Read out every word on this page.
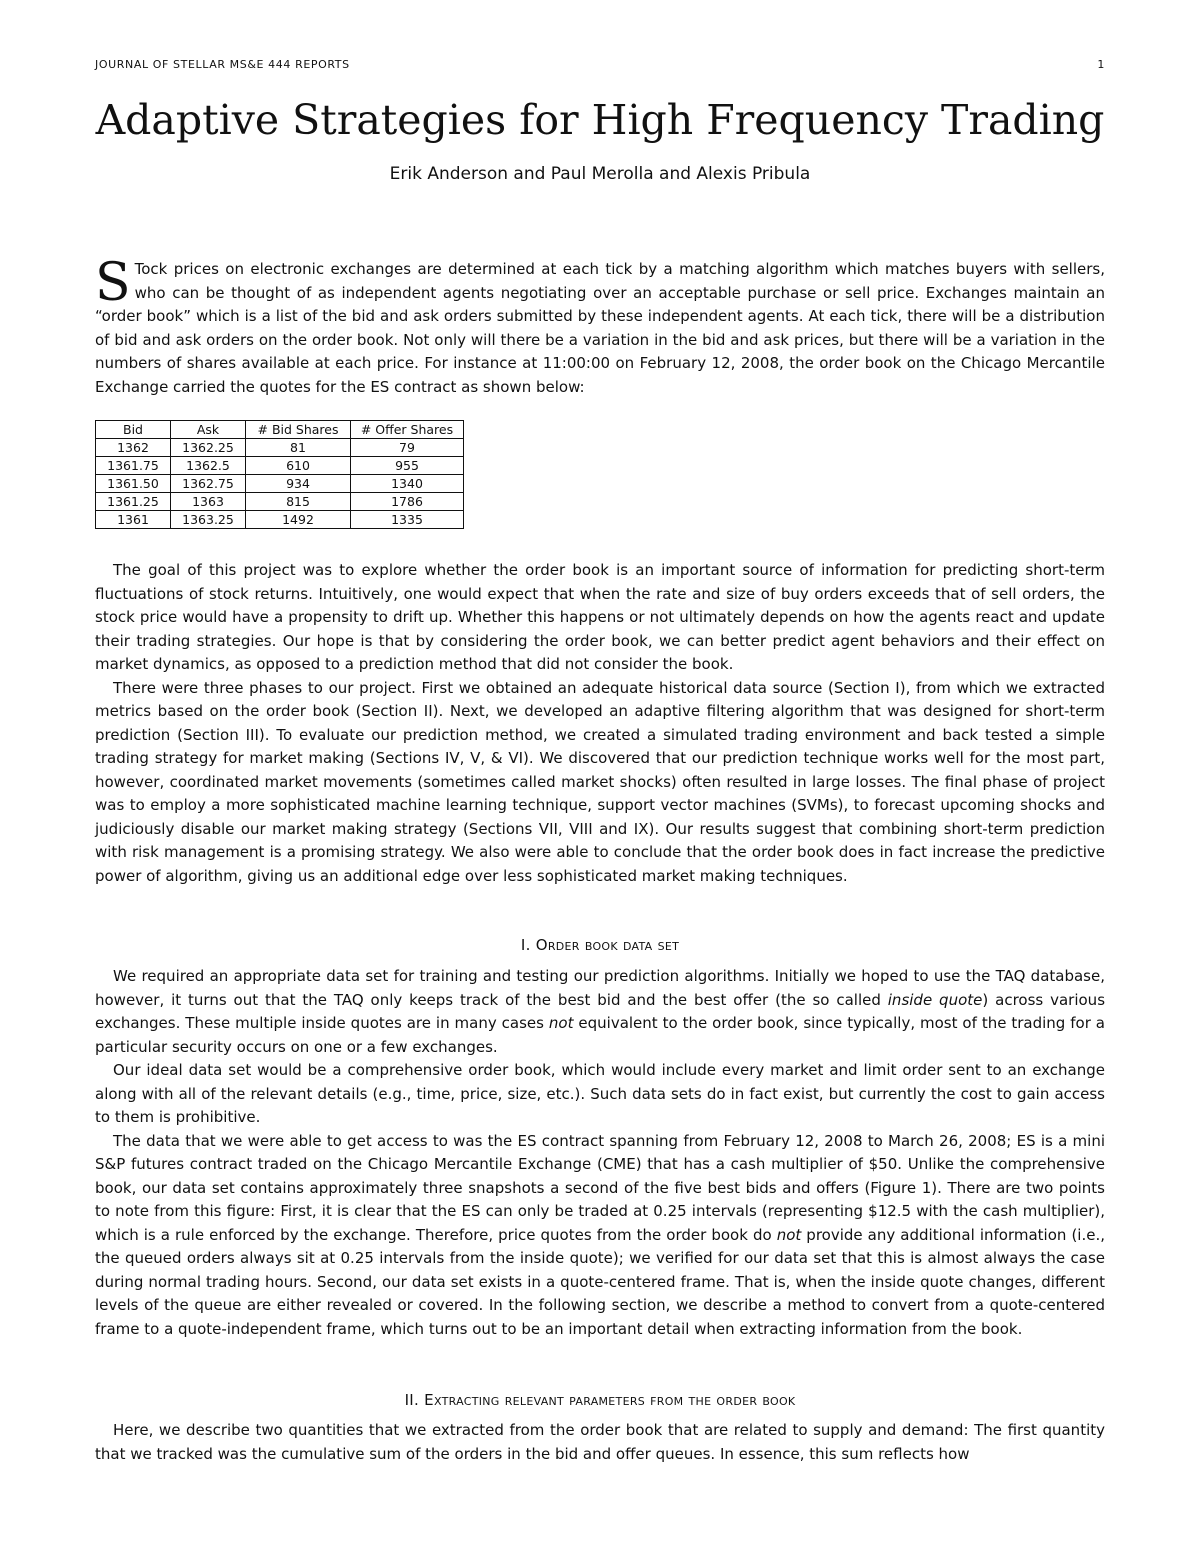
JOURNAL OF STELLAR MS&E 444 REPORTS	1
Adaptive Strategies for High Frequency Trading

Erik Anderson and Paul Merolla and Alexis Pribula

S Tock prices on electronic exchanges are determined at each tick by a matching algorithm which matches buyers with sellers, who can be thought of as independent agents negotiating over an acceptable purchase or sell price. Exchanges maintain an “order book” which is a list of the bid and ask orders submitted by these independent agents. At each tick, there will be a distribution of bid and ask orders on the order book. Not only will there be a variation in the bid and ask prices, but there will be a variation in the numbers of shares available at each price. For instance at 11:00:00 on February 12, 2008, the order book on the Chicago Mercantile Exchange carried the quotes for the ES contract as shown below:

Bid	Ask	# Bid Shares	# Offer Shares
1362	1362.25	81	79
1361.75	1362.5	610	955
1361.50	1362.75	934	1340
1361.25	1363	815	1786
1361	1363.25	1492	1335

The goal of this project was to explore whether the order book is an important source of information for predicting short-term fluctuations of stock returns. Intuitively, one would expect that when the rate and size of buy orders exceeds that of sell orders, the stock price would have a propensity to drift up. Whether this happens or not ultimately depends on how the agents react and update their trading strategies. Our hope is that by considering the order book, we can better predict agent behaviors and their effect on market dynamics, as opposed to a prediction method that did not consider the book.

There were three phases to our project. First we obtained an adequate historical data source (Section I), from which we extracted metrics based on the order book (Section II). Next, we developed an adaptive filtering algorithm that was designed for short-term prediction (Section III). To evaluate our prediction method, we created a simulated trading environment and back tested a simple trading strategy for market making (Sections IV, V, & VI). We discovered that our prediction technique works well for the most part, however, coordinated market movements (sometimes called market shocks) often resulted in large losses. The final phase of project was to employ a more sophisticated machine learning technique, support vector machines (SVMs), to forecast upcoming shocks and judiciously disable our market making strategy (Sections VII, VIII and IX). Our results suggest that combining short-term prediction with risk management is a promising strategy. We also were able to conclude that the order book does in fact increase the predictive power of algorithm, giving us an additional edge over less sophisticated market making techniques.

I. Order book data set

We required an appropriate data set for training and testing our prediction algorithms. Initially we hoped to use the TAQ database, however, it turns out that the TAQ only keeps track of the best bid and the best offer (the so called inside quote) across various exchanges. These multiple inside quotes are in many cases not equivalent to the order book, since typically, most of the trading for a particular security occurs on one or a few exchanges.

Our ideal data set would be a comprehensive order book, which would include every market and limit order sent to an exchange along with all of the relevant details (e.g., time, price, size, etc.). Such data sets do in fact exist, but currently the cost to gain access to them is prohibitive.

The data that we were able to get access to was the ES contract spanning from February 12, 2008 to March 26, 2008; ES is a mini S&P futures contract traded on the Chicago Mercantile Exchange (CME) that has a cash multiplier of $50. Unlike the comprehensive book, our data set contains approximately three snapshots a second of the five best bids and offers (Figure 1). There are two points to note from this figure: First, it is clear that the ES can only be traded at 0.25 intervals (representing $12.5 with the cash multiplier), which is a rule enforced by the exchange. Therefore, price quotes from the order book do not provide any additional information (i.e., the queued orders always sit at 0.25 intervals from the inside quote); we verified for our data set that this is almost always the case during normal trading hours. Second, our data set exists in a quote-centered frame. That is, when the inside quote changes, different levels of the queue are either revealed or covered. In the following section, we describe a method to convert from a quote-centered frame to a quote-independent frame, which turns out to be an important detail when extracting information from the book.

II. Extracting relevant parameters from the order book

Here, we describe two quantities that we extracted from the order book that are related to supply and demand: The first quantity that we tracked was the cumulative sum of the orders in the bid and offer queues. In essence, this sum reflects how
